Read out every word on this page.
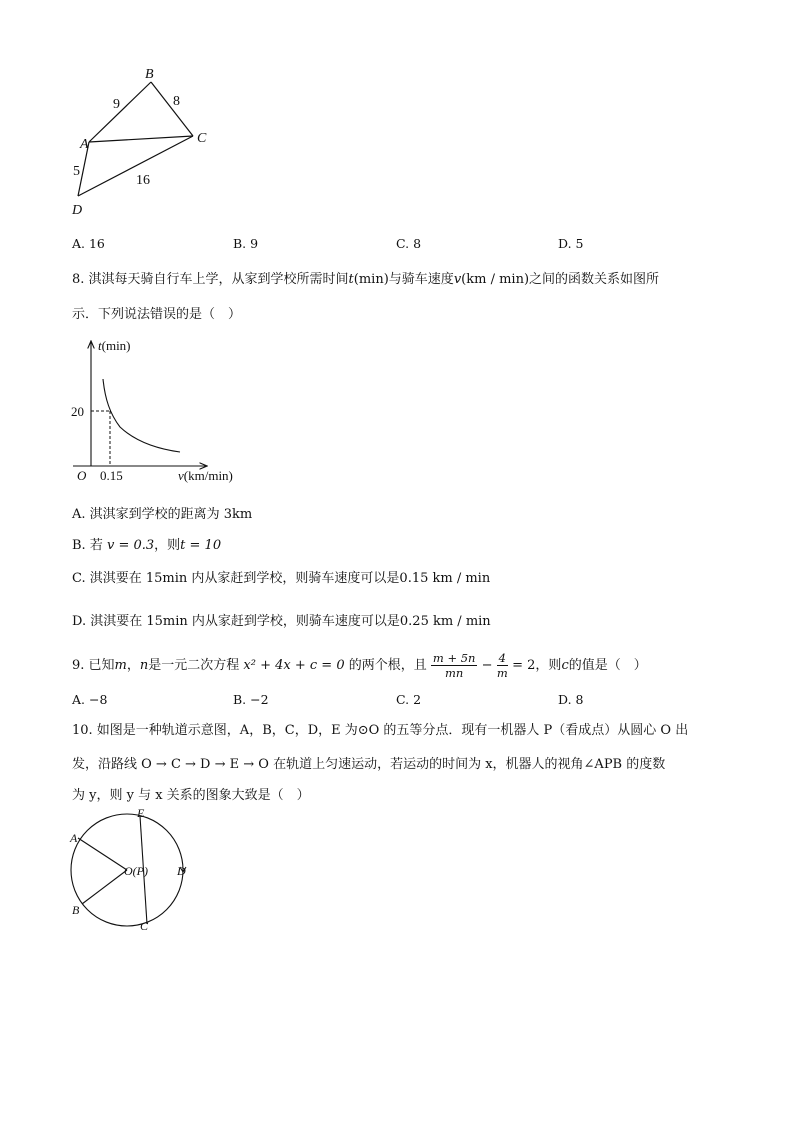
B
A	C
D
9	8
5
16
A. 16	B. 9	C. 8	D. 5
8. 淇淇每天骑自行车上学，从家到学校所需时间t(min)与骑车速度v(km / min)之间的函数关系如图所
示．下列说法错误的是（　）
t(min)
v(km/min)
O 0.15
20
A. 淇淇家到学校的距离为 3km
B. 若 v = 0.3，则t = 10
C. 淇淇要在 15min 内从家赶到学校，则骑车速度可以是0.15 km / min
D. 淇淇要在 15min 内从家赶到学校，则骑车速度可以是0.25 km / min
9. 已知m，n是一元二次方程 x² + 4x + c = 0 的两个根，且 $\frac{m + 5n}{mn} - \frac{4}{m} = 2$，则c的值是（　）
A. −8	B. −2	C. 2	D. 8
10. 如图是一种轨道示意图，A，B，C，D，E 为⊙O 的五等分点．现有一机器人 P（看成点）从圆心 O 出
发，沿路线 O → C → D → E → O 在轨道上匀速运动，若运动的时间为 x，机器人的视角∠APB 的度数
为 y，则 y 与 x 关系的图象大致是（　）
E
A
B
C
D
O(P)
